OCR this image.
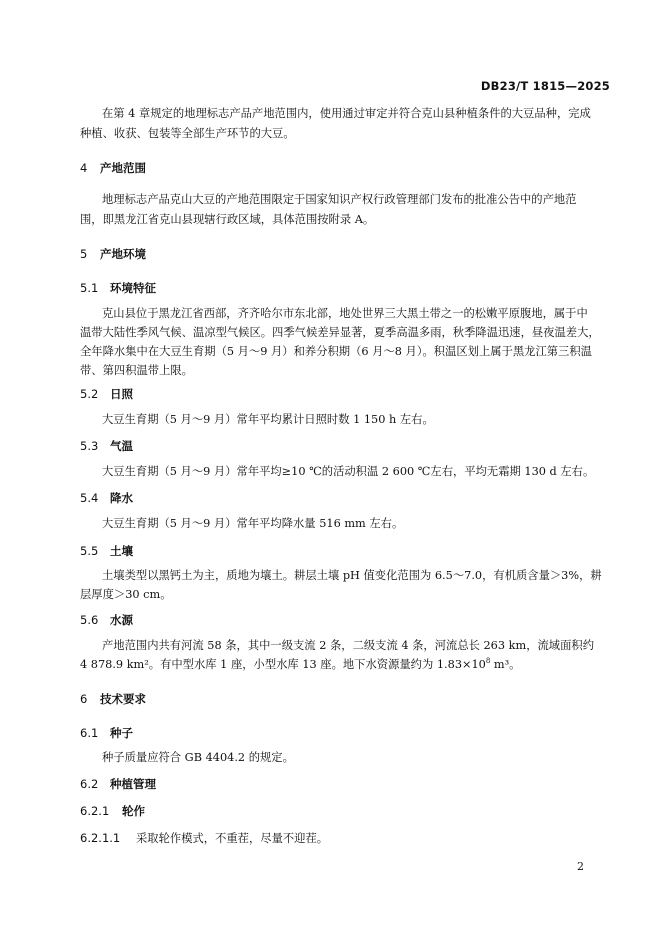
DB23/T 1815—2025
在第 4 章规定的地理标志产品产地范围内，使用通过审定并符合克山县种植条件的大豆品种，完成
种植、收获、包装等全部生产环节的大豆。
4 产地范围
地理标志产品克山大豆的产地范围限定于国家知识产权行政管理部门发布的批准公告中的产地范
围，即黑龙江省克山县现辖行政区域，具体范围按附录 A。
5 产地环境
5.1 环境特征
克山县位于黑龙江省西部，齐齐哈尔市东北部，地处世界三大黑土带之一的松嫩平原腹地，属于中
温带大陆性季风气候、温凉型气候区。四季气候差异显著，夏季高温多雨，秋季降温迅速，昼夜温差大，
全年降水集中在大豆生育期（5 月～9 月）和养分积期（6 月～8 月）。积温区划上属于黑龙江第三积温
带、第四积温带上限。
5.2 日照
大豆生育期（5 月～9 月）常年平均累计日照时数 1 150 h 左右。
5.3 气温
大豆生育期（5 月～9 月）常年平均≥10 ℃的活动积温 2 600 ℃左右，平均无霜期 130 d 左右。
5.4 降水
大豆生育期（5 月～9 月）常年平均降水量 516 mm 左右。
5.5 土壤
土壤类型以黑钙土为主，质地为壤土。耕层土壤 pH 值变化范围为 6.5～7.0，有机质含量＞3%，耕
层厚度＞30 cm。
5.6 水源
产地范围内共有河流 58 条，其中一级支流 2 条，二级支流 4 条，河流总长 263 km，流域面积约
4 878.9 km²。有中型水库 1 座，小型水库 13 座。地下水资源量约为 $1.83\times 10^8$ m³。
6 技术要求
6.1 种子
种子质量应符合 GB 4404.2 的规定。
6.2 种植管理
6.2.1 轮作
6.2.1.1 采取轮作模式，不重茬，尽量不迎茬。
2
